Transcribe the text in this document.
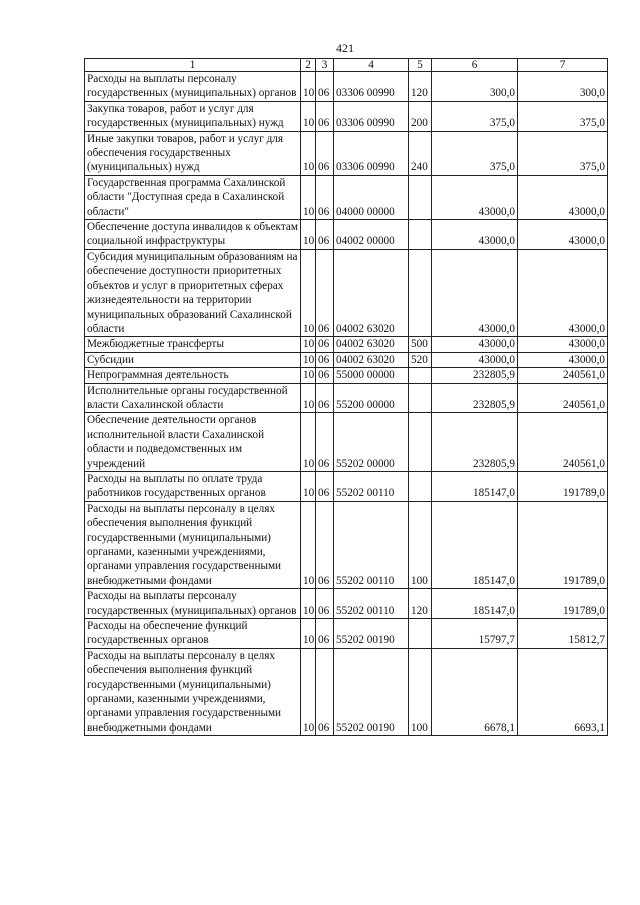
421
1	2	3	4	5	6	7
Расходы на выплаты персоналу государственных (муниципальных) органов	10	06	03306 00990	120	300,0	300,0
Закупка товаров, работ и услуг для государственных (муниципальных) нужд	10	06	03306 00990	200	375,0	375,0
Иные закупки товаров, работ и услуг для обеспечения государственных (муниципальных) нужд	10	06	03306 00990	240	375,0	375,0
Государственная программа Сахалинской области "Доступная среда в Сахалинской области"	10	06	04000 00000		43000,0	43000,0
Обеспечение доступа инвалидов к объектам социальной инфраструктуры	10	06	04002 00000		43000,0	43000,0
Субсидия муниципальным образованиям на обеспечение доступности приоритетных объектов и услуг в приоритетных сферах жизнедеятельности на территории муниципальных образований Сахалинской области	10	06	04002 63020		43000,0	43000,0
Межбюджетные трансферты	10	06	04002 63020	500	43000,0	43000,0
Субсидии	10	06	04002 63020	520	43000,0	43000,0
Непрограммная деятельность	10	06	55000 00000		232805,9	240561,0
Исполнительные органы государственной власти Сахалинской области	10	06	55200 00000		232805,9	240561,0
Обеспечение деятельности органов исполнительной власти Сахалинской области и подведомственных им учреждений	10	06	55202 00000		232805,9	240561,0
Расходы на выплаты по оплате труда работников государственных органов	10	06	55202 00110		185147,0	191789,0
Расходы на выплаты персоналу в целях обеспечения выполнения функций государственными (муниципальными) органами, казенными учреждениями, органами управления государственными внебюджетными фондами	10	06	55202 00110	100	185147,0	191789,0
Расходы на выплаты персоналу государственных (муниципальных) органов	10	06	55202 00110	120	185147,0	191789,0
Расходы на обеспечение функций государственных органов	10	06	55202 00190		15797,7	15812,7
Расходы на выплаты персоналу в целях обеспечения выполнения функций государственными (муниципальными) органами, казенными учреждениями, органами управления государственными внебюджетными фондами	10	06	55202 00190	100	6678,1	6693,1
